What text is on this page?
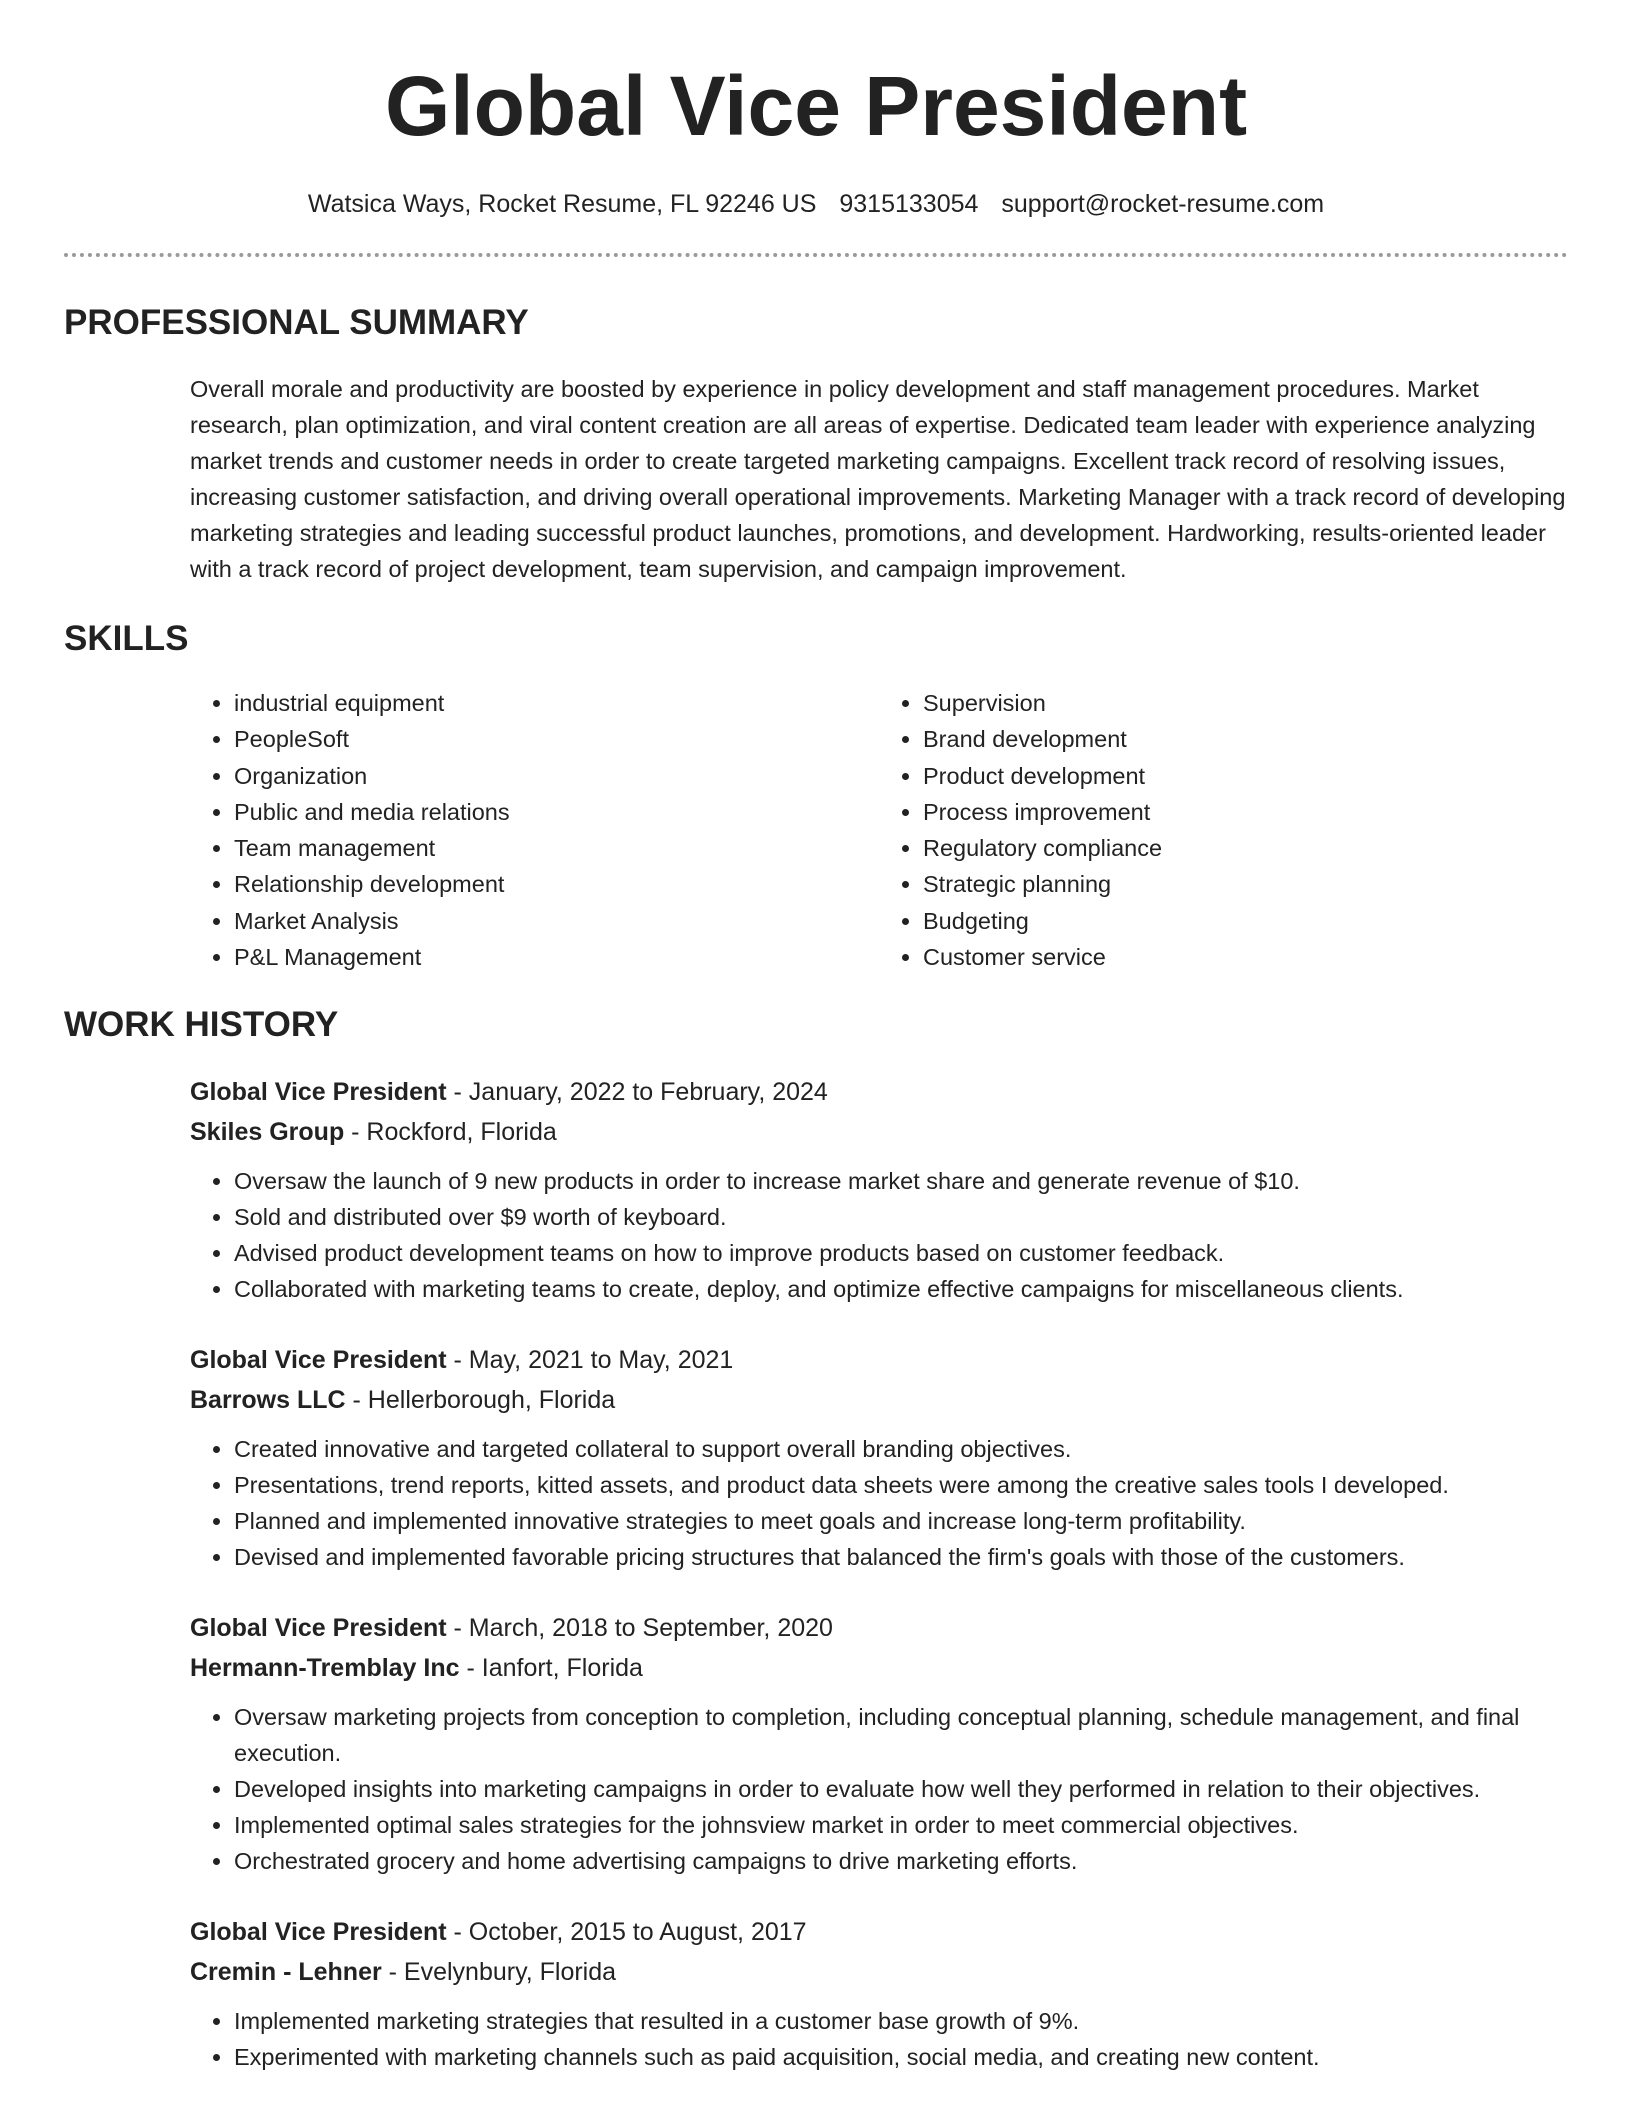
Global Vice President
Watsica Ways, Rocket Resume, FL 92246 US 9315133054 support@rocket-resume.com
PROFESSIONAL SUMMARY

Overall morale and productivity are boosted by experience in policy development and staff management procedures. Market research, plan optimization, and viral content creation are all areas of expertise. Dedicated team leader with experience analyzing market trends and customer needs in order to create targeted marketing campaigns. Excellent track record of resolving issues, increasing customer satisfaction, and driving overall operational improvements. Marketing Manager with a track record of developing marketing strategies and leading successful product launches, promotions, and development. Hardworking, results-oriented leader with a track record of project development, team supervision, and campaign improvement.

SKILLS
• industrial equipment
• PeopleSoft
• Organization
• Public and media relations
• Team management
• Relationship development
• Market Analysis
• P&L Management
• Supervision
• Brand development
• Product development
• Process improvement
• Regulatory compliance
• Strategic planning
• Budgeting
• Customer service
WORK HISTORY
Global Vice President - January, 2022 to February, 2024
Skiles Group - Rockford, Florida
• Oversaw the launch of 9 new products in order to increase market share and generate revenue of $10.
• Sold and distributed over $9 worth of keyboard.
• Advised product development teams on how to improve products based on customer feedback.
• Collaborated with marketing teams to create, deploy, and optimize effective campaigns for miscellaneous clients.
Global Vice President - May, 2021 to May, 2021
Barrows LLC - Hellerborough, Florida
• Created innovative and targeted collateral to support overall branding objectives.
• Presentations, trend reports, kitted assets, and product data sheets were among the creative sales tools I developed.
• Planned and implemented innovative strategies to meet goals and increase long-term profitability.
• Devised and implemented favorable pricing structures that balanced the firm's goals with those of the customers.
Global Vice President - March, 2018 to September, 2020
Hermann-Tremblay Inc - Ianfort, Florida
• Oversaw marketing projects from conception to completion, including conceptual planning, schedule management, and final execution.
• Developed insights into marketing campaigns in order to evaluate how well they performed in relation to their objectives.
• Implemented optimal sales strategies for the johnsview market in order to meet commercial objectives.
• Orchestrated grocery and home advertising campaigns to drive marketing efforts.
Global Vice President - October, 2015 to August, 2017
Cremin - Lehner - Evelynbury, Florida
• Implemented marketing strategies that resulted in a customer base growth of 9%.
• Experimented with marketing channels such as paid acquisition, social media, and creating new content.
